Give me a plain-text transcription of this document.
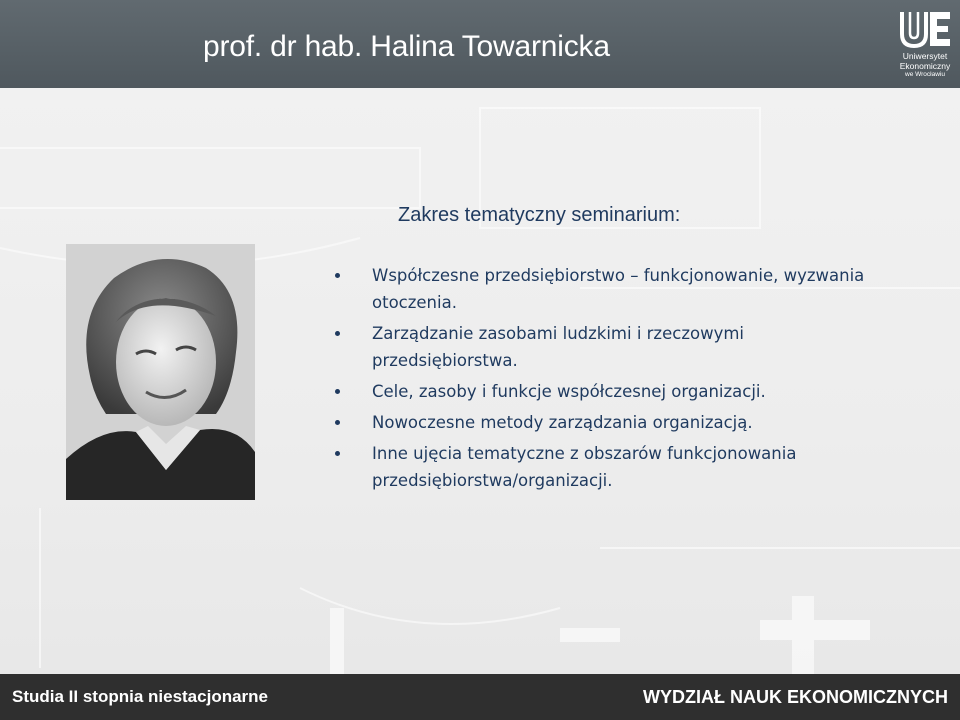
prof. dr hab. Halina Towarnicka	Uniwersytet
Ekonomiczny
we Wrocławiu
Zakres tematyczny seminarium:
Współczesne przedsiębiorstwo – funkcjonowanie, wyzwania otoczenia.
Zarządzanie zasobami ludzkimi i rzeczowymi przedsiębiorstwa.
Cele, zasoby i funkcje współczesnej organizacji.
Nowoczesne metody zarządzania organizacją.
Inne ujęcia tematyczne z obszarów funkcjonowania przedsiębiorstwa/organizacji.
Studia II stopnia niestacjonarne	WYDZIAŁ NAUK EKONOMICZNYCH
